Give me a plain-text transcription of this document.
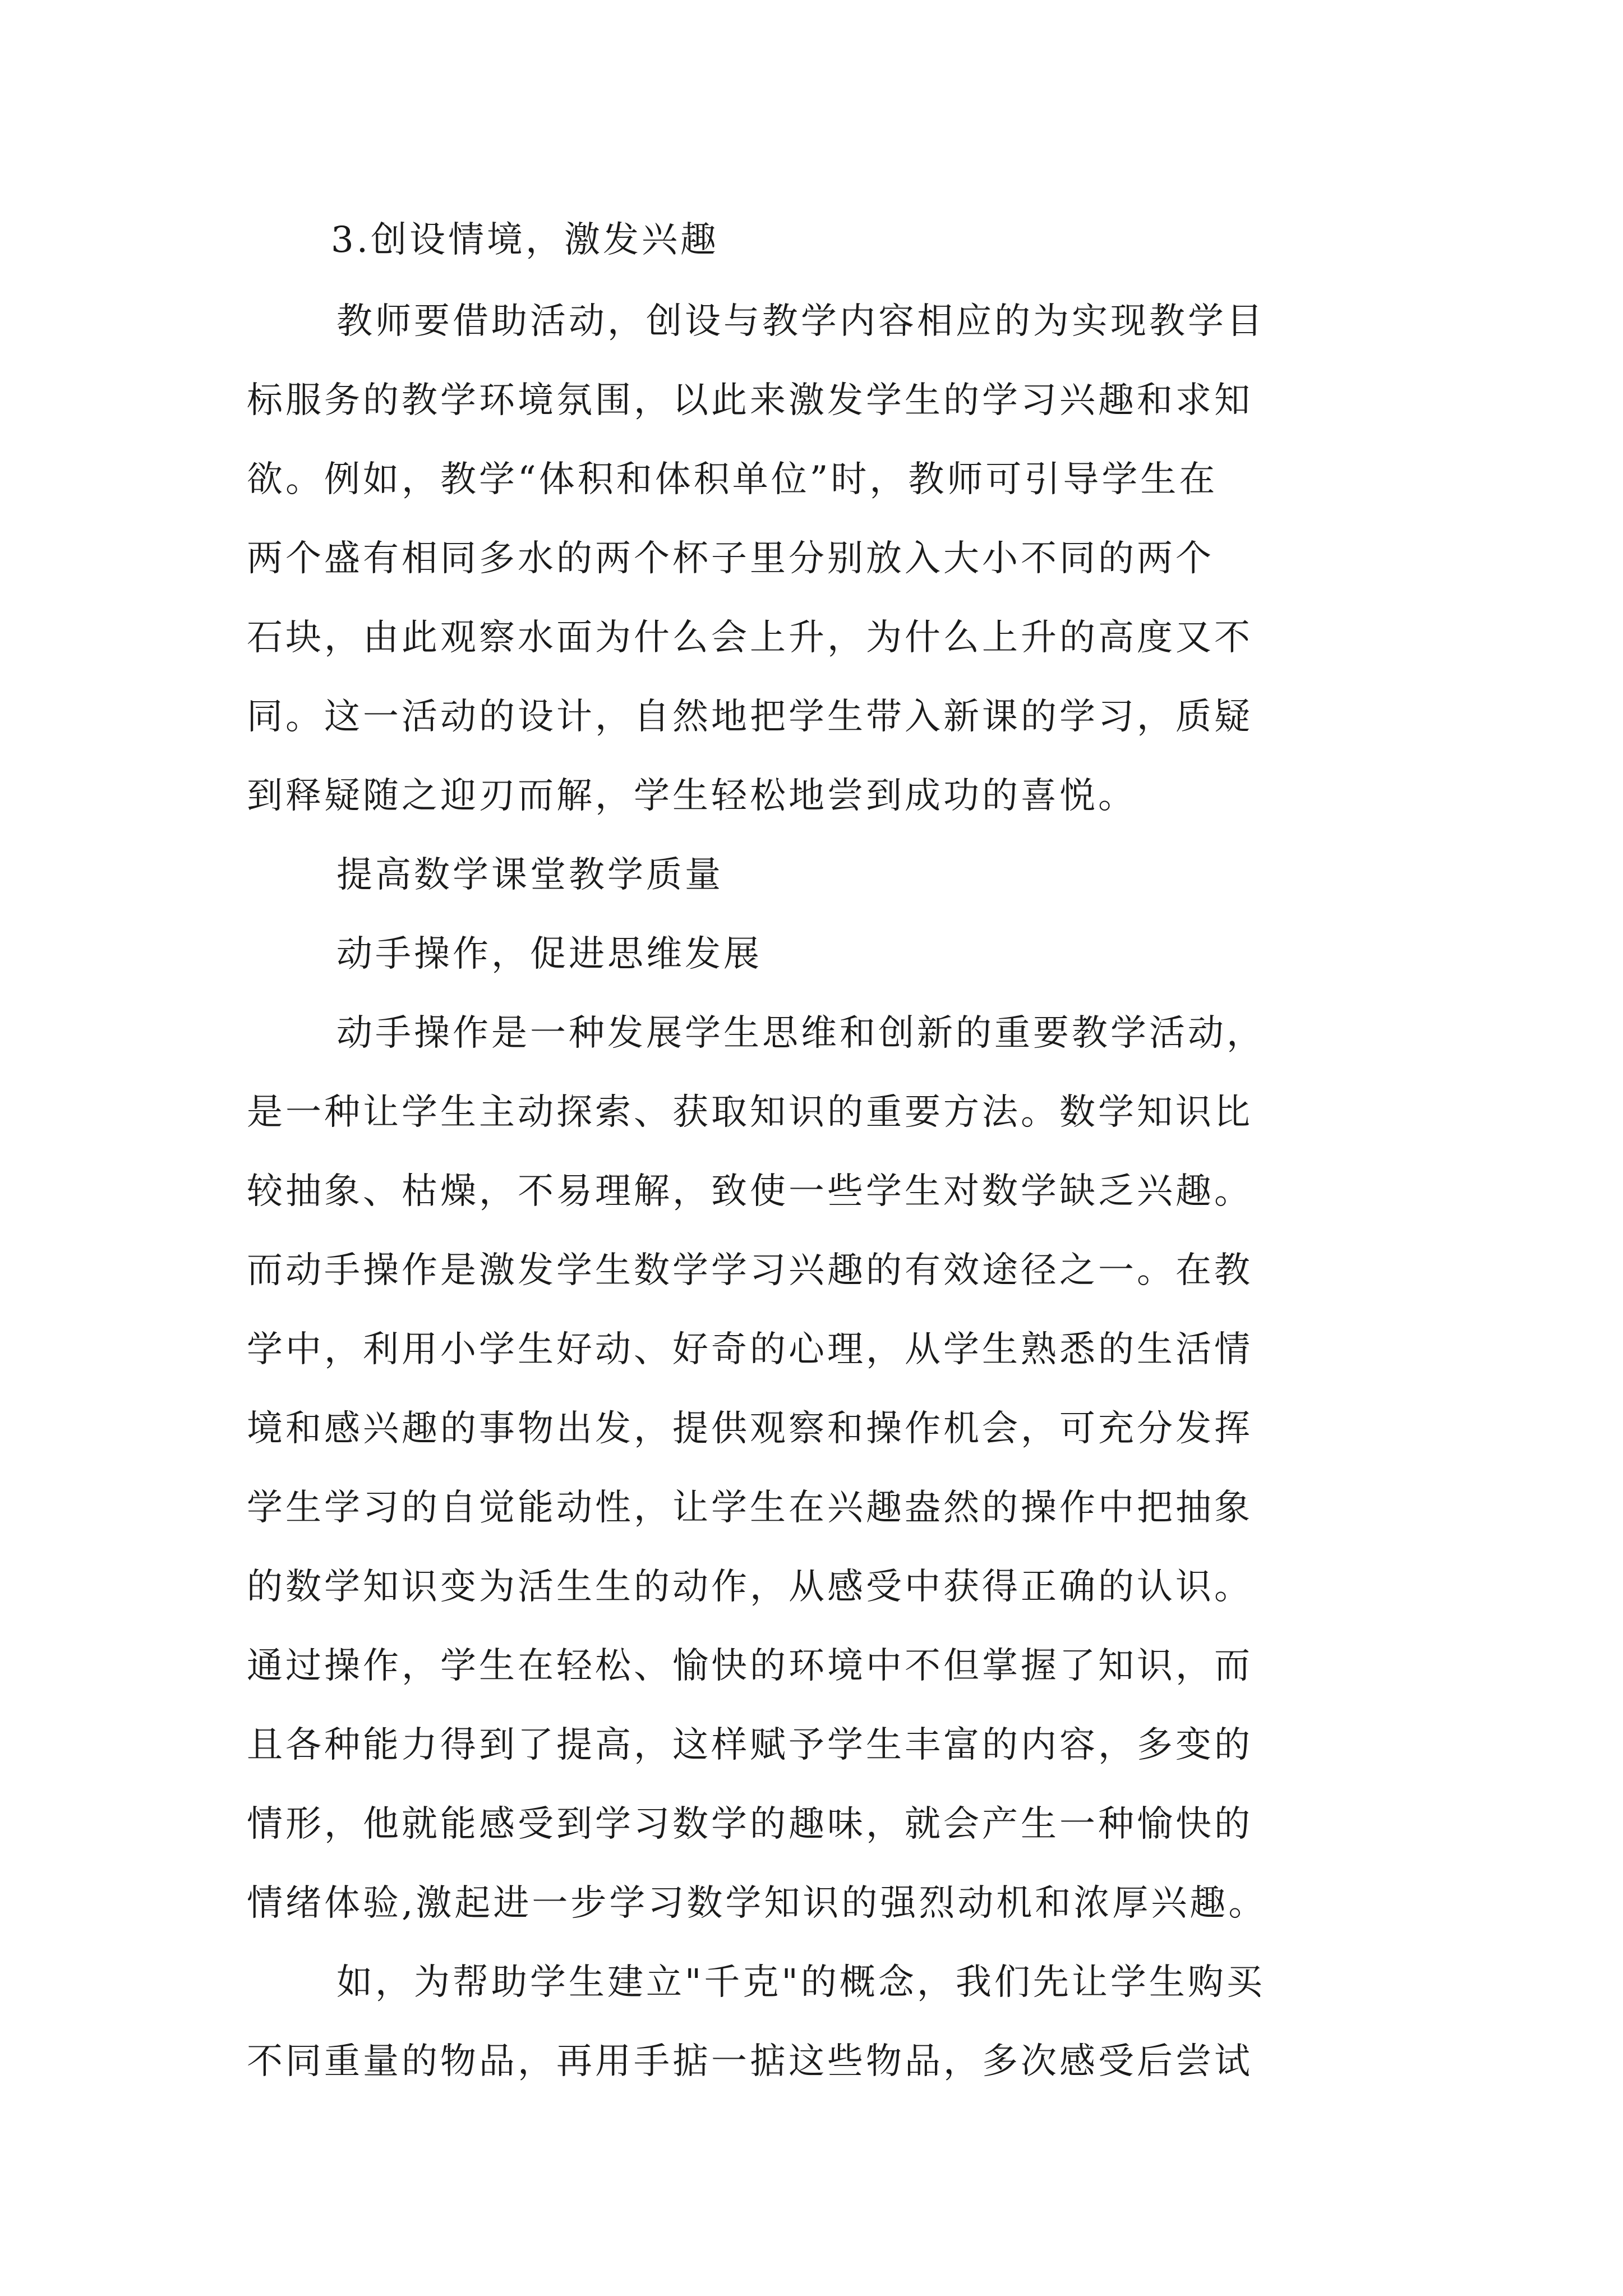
3.创设情境，激发兴趣
教师要借助活动，创设与教学内容相应的为实现教学目
标服务的教学环境氛围，以此来激发学生的学习兴趣和求知
欲。例如，教学“体积和体积单位”时，教师可引导学生在
两个盛有相同多水的两个杯子里分别放入大小不同的两个
石块，由此观察水面为什么会上升，为什么上升的高度又不
同。这一活动的设计，自然地把学生带入新课的学习，质疑
到释疑随之迎刃而解，学生轻松地尝到成功的喜悦。
提高数学课堂教学质量
动手操作，促进思维发展
动手操作是一种发展学生思维和创新的重要教学活动，
是一种让学生主动探索、获取知识的重要方法。数学知识比
较抽象、枯燥，不易理解，致使一些学生对数学缺乏兴趣。
而动手操作是激发学生数学学习兴趣的有效途径之一。在教
学中，利用小学生好动、好奇的心理，从学生熟悉的生活情
境和感兴趣的事物出发，提供观察和操作机会，可充分发挥
学生学习的自觉能动性，让学生在兴趣盎然的操作中把抽象
的数学知识变为活生生的动作，从感受中获得正确的认识。
通过操作，学生在轻松、愉快的环境中不但掌握了知识，而
且各种能力得到了提高，这样赋予学生丰富的内容，多变的
情形，他就能感受到学习数学的趣味，就会产生一种愉快的
情绪体验,激起进一步学习数学知识的强烈动机和浓厚兴趣。
如，为帮助学生建立"千克"的概念，我们先让学生购买
不同重量的物品，再用手掂一掂这些物品，多次感受后尝试
